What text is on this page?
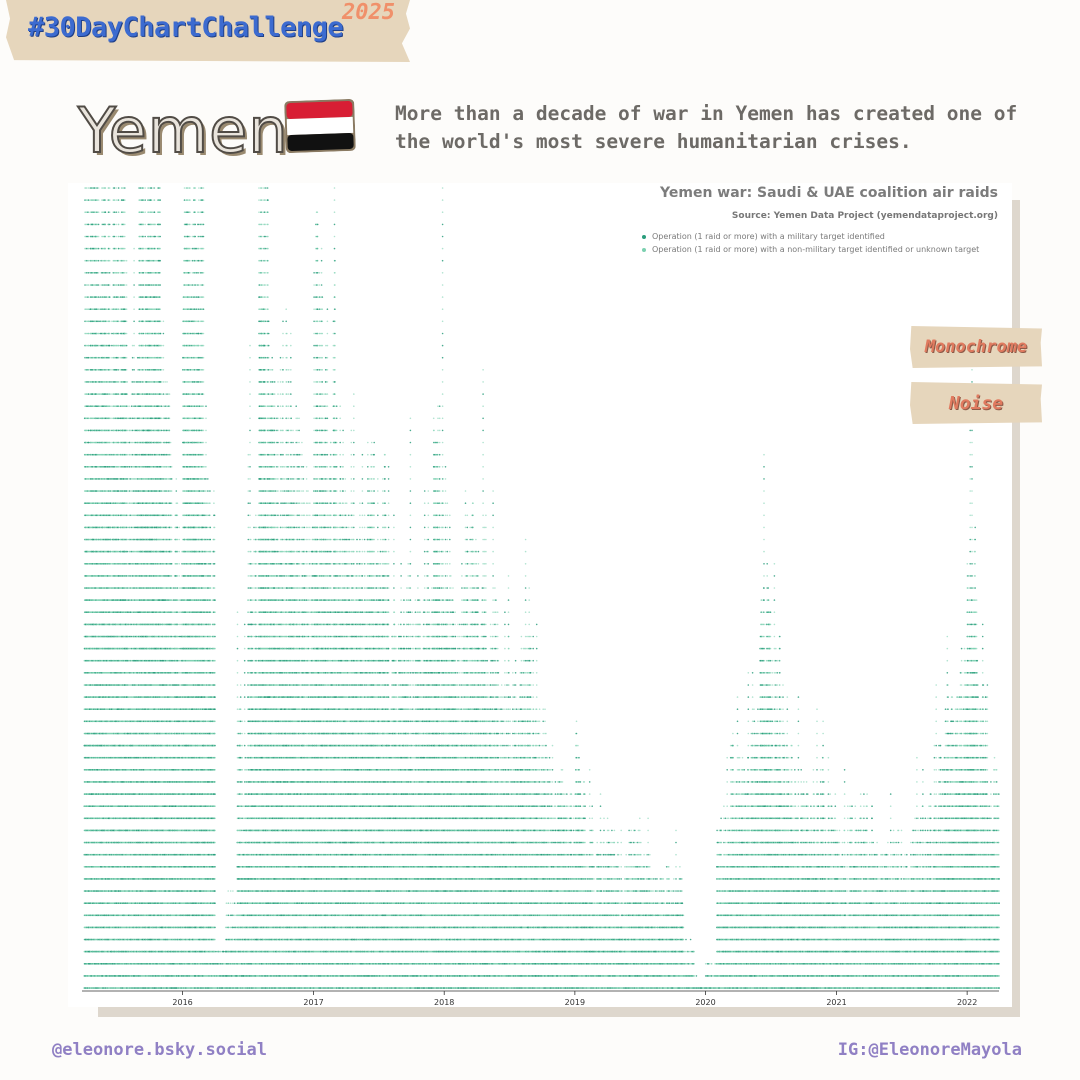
#30DayChartChallenge
2025
Yemen	More than a decade of war in Yemen has created one of the world's most severe humanitarian crises.
2016	2017	2018	2019	2020	2021	2022
Yemen war: Saudi & UAE coalition air raids
Source: Yemen Data Project (yemendataproject.org)
Operation (1 raid or more) with a military target identified
Operation (1 raid or more) with a non-military target identified or unknown target
Monochrome
Noise
@eleonore.bsky.social	IG:@EleonoreMayola
